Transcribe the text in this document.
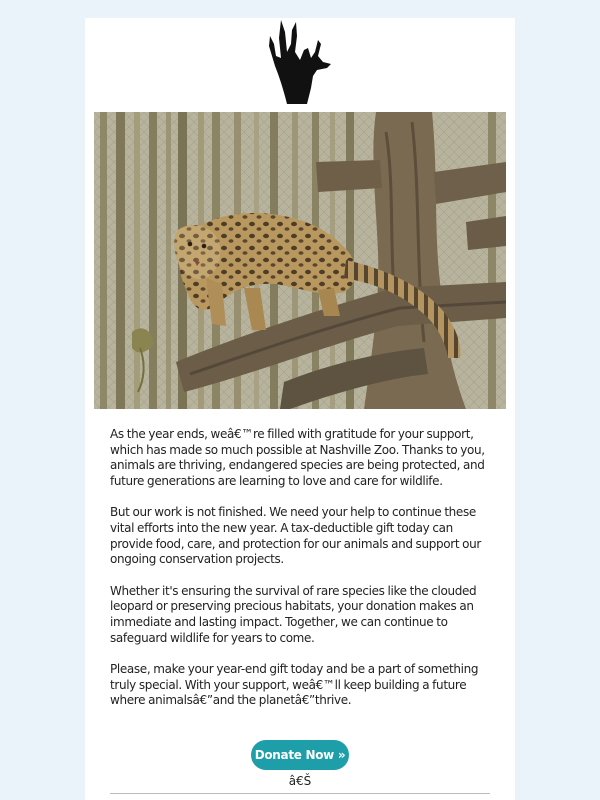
As the year ends, weâ€™re filled with gratitude for your support, which has made so much possible at Nashville Zoo. Thanks to you, animals are thriving, endangered species are being protected, and future generations are learning to love and care for wildlife.

But our work is not finished. We need your help to continue these vital efforts into the new year. A tax-deductible gift today can provide food, care, and protection for our animals and support our ongoing conservation projects.

Whether it's ensuring the survival of rare species like the clouded leopard or preserving precious habitats, your donation makes an immediate and lasting impact. Together, we can continue to safeguard wildlife for years to come.

Please, make your year-end gift today and be a part of something truly special. With your support, weâ€™ll keep building a future where animalsâ€”and the planetâ€”thrive.

Donate Now »
â€Š
